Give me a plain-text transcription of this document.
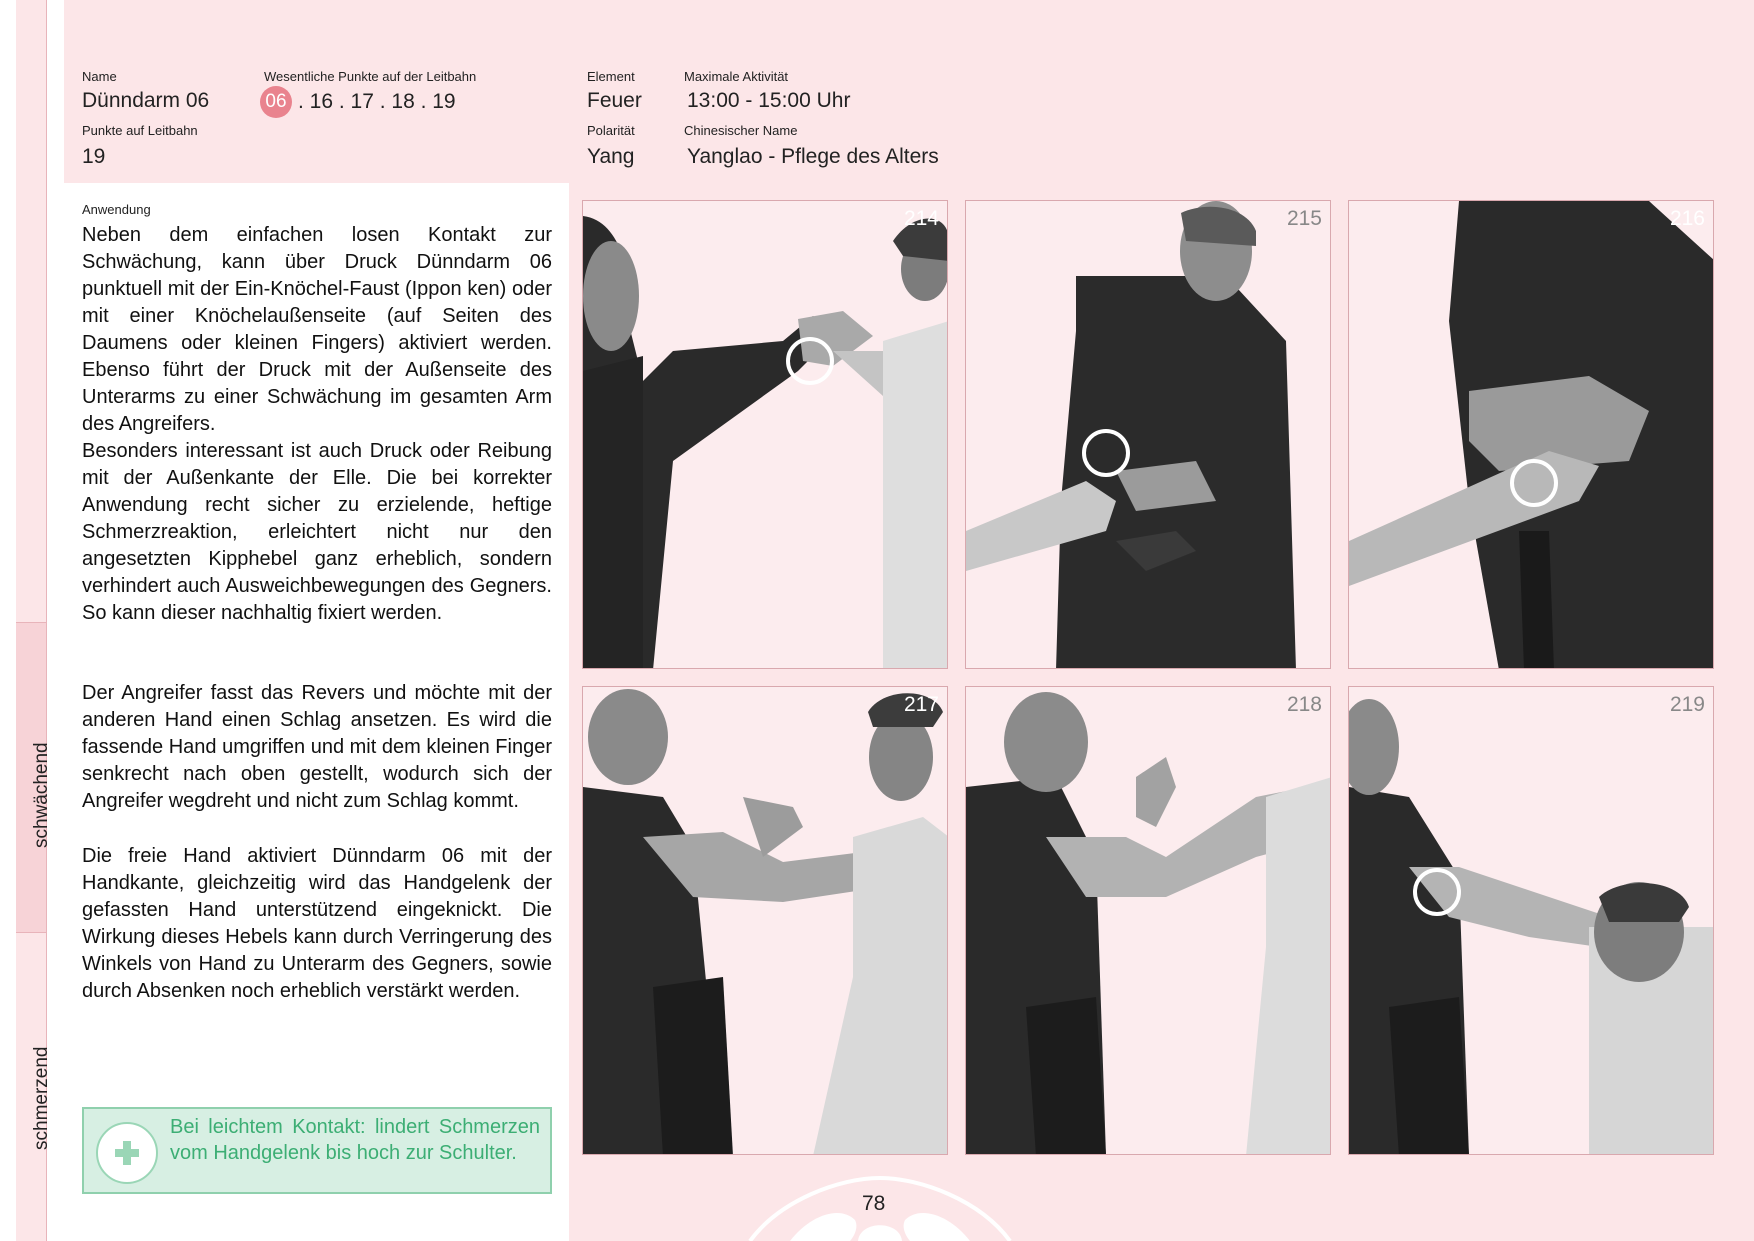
schwächend
schmerzend
Name
Dünndarm 06
Wesentliche Punkte auf der Leitbahn
06 . 16 . 17 . 18 . 19
Punkte auf Leitbahn
19
Element
Feuer
Maximale Aktivität
13:00 - 15:00 Uhr
Polarität
Yang
Chinesischer Name
Yanglao - Pflege des Alters
Anwendung

Neben dem einfachen losen Kontakt zur Schwächung, kann über Druck Dünndarm 06 punktuell mit der Ein-Knöchel-Faust (Ippon ken) oder mit einer Knöchelaußenseite (auf Seiten des Daumens oder kleinen Fingers) aktiviert werden. Ebenso führt der Druck mit der Außenseite des Unterarms zu einer Schwächung im gesamten Arm des Angreifers.

Besonders interessant ist auch Druck oder Reibung mit der Außenkante der Elle. Die bei korrekter Anwendung recht sicher zu erzielende, heftige Schmerzreaktion, erleichtert nicht nur den angesetzten Kipphebel ganz erheblich, sondern verhindert auch Ausweichbewegungen des Gegners. So kann dieser nachhaltig fixiert werden.

Der Angreifer fasst das Revers und möchte mit der anderen Hand einen Schlag ansetzen. Es wird die fassende Hand umgriffen und mit dem kleinen Finger senkrecht nach oben gestellt, wodurch sich der Angreifer wegdreht und nicht zum Schlag kommt.

Die freie Hand aktiviert Dünndarm 06 mit der Handkante, gleichzeitig wird das Handgelenk der gefassten Hand unterstützend eingeknickt. Die Wirkung dieses Hebels kann durch Verringerung des Winkels von Hand zu Unterarm des Gegners, sowie durch Absenken noch erheblich verstärkt werden.

Bei leichtem Kontakt: lindert Schmerzen vom Handgelenk bis hoch zur Schulter.
214	215	216
217	218	219
78
